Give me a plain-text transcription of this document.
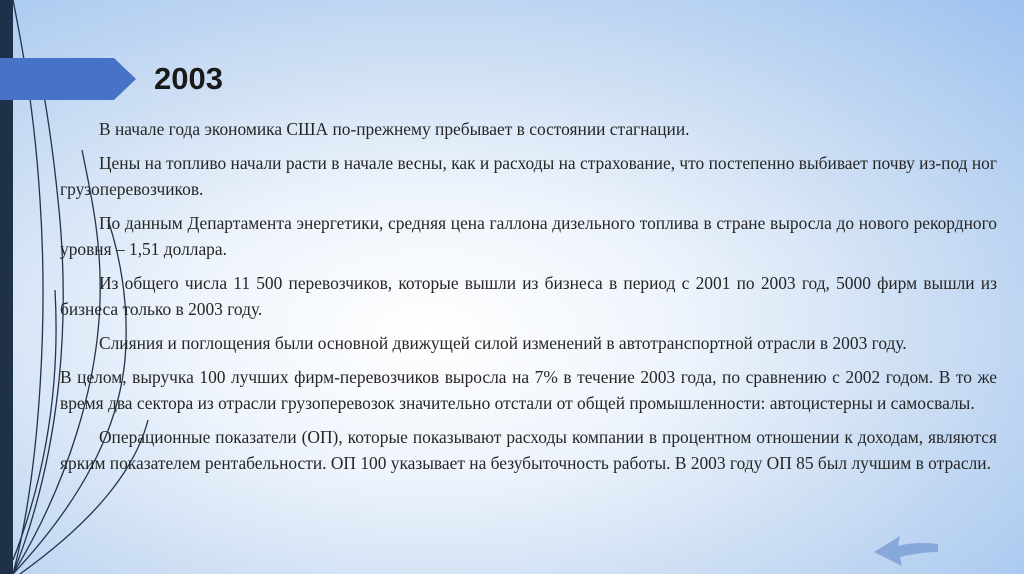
2003

В начале года экономика США по-прежнему пребывает в состоянии стагнации.

Цены на топливо начали расти в начале весны, как и расходы на страхование, что постепенно выбивает почву из-под ног грузоперевозчиков.

По данным Департамента энергетики, средняя цена галлона дизельного топлива в стране выросла до нового рекордного уровня – 1,51 доллара.

Из общего числа 11 500 перевозчиков, которые вышли из бизнеса в период с 2001 по 2003 год, 5000 фирм вышли из бизнеса только в 2003 году.

Слияния и поглощения были основной движущей силой изменений в автотранспортной отрасли в 2003 году.

В целом, выручка 100 лучших фирм-перевозчиков выросла на 7% в течение 2003 года, по сравнению с 2002 годом. В то же время два сектора из отрасли грузоперевозок значительно отстали от общей промышленности: автоцистерны и самосвалы.

Операционные показатели (ОП), которые показывают расходы компании в процентном отношении к доходам, являются ярким показателем рентабельности. ОП 100 указывает на безубыточность работы. В 2003 году ОП 85 был лучшим в отрасли.
